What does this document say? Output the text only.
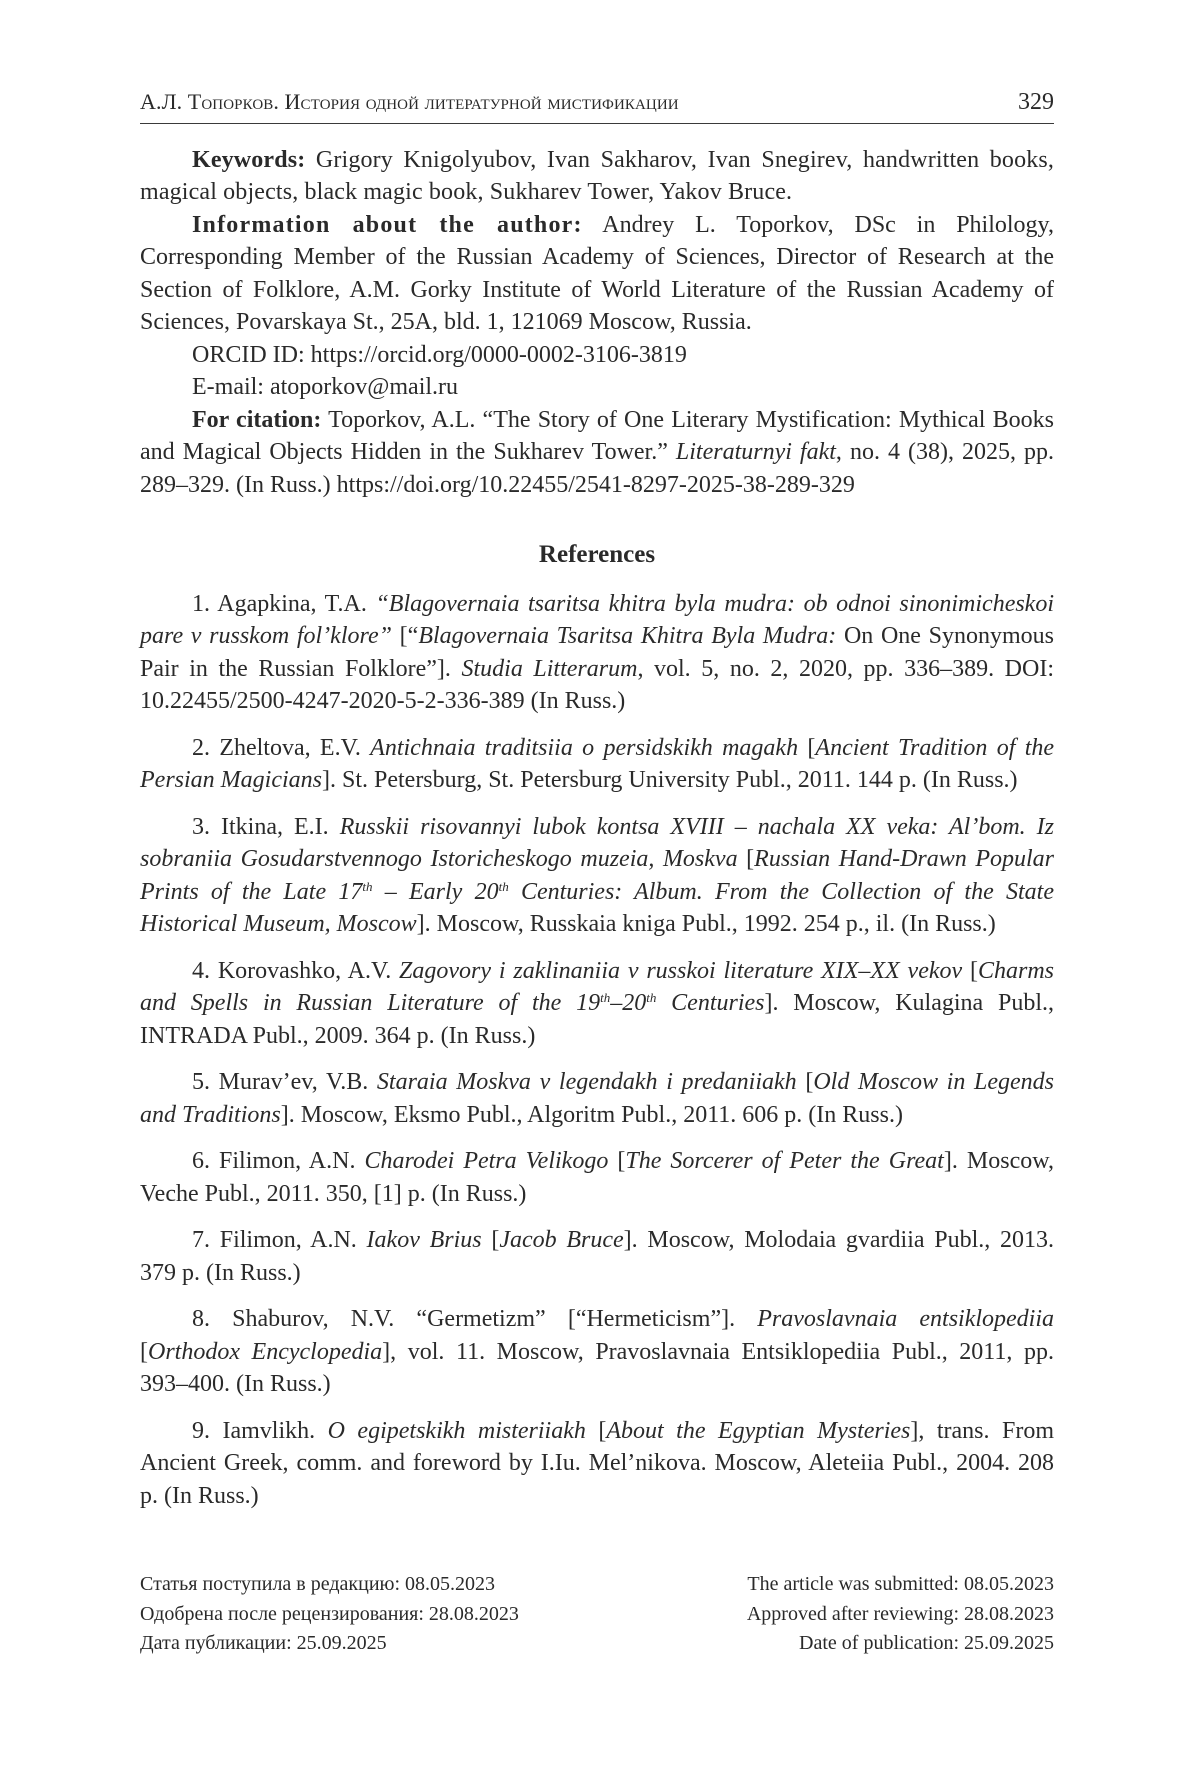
А.Л. Топорков. История одной литературной мистификации	329

Keywords: Grigory Knigolyubov, Ivan Sakharov, Ivan Snegirev, handwritten books, magical objects, black magic book, Sukharev Tower, Yakov Bruce.

Information about the author: Andrey L. Toporkov, DSc in Philology, Corresponding Member of the Russian Academy of Sciences, Director of Research at the Section of Folklore, A.M. Gorky Institute of World Literature of the Russian Academy of Sciences, Povarskaya St., 25A, bld. 1, 121069 Moscow, Russia.

ORCID ID: https://orcid.org/0000-0002-3106-3819

E-mail: atoporkov@mail.ru

For citation: Toporkov, A.L. “The Story of One Literary Mystification: Mythical Books and Magical Objects Hidden in the Sukharev Tower.” Literaturnyi fakt, no. 4 (38), 2025, pp. 289–329. (In Russ.) https://doi.org/10.22455/2541-8297-2025-38-289-329

References

1. Agapkina, T.A. “Blagovernaia tsaritsa khitra byla mudra: ob odnoi sinonimicheskoi pare v russkom fol’klore” [“Blagovernaia Tsaritsa Khitra Byla Mudra: On One Synonymous Pair in the Russian Folklore”]. Studia Litterarum, vol. 5, no. 2, 2020, pp. 336–389. DOI: 10.22455/2500-4247-2020-5-2-336-389 (In Russ.)

2. Zheltova, E.V. Antichnaia traditsiia o persidskikh magakh [Ancient Tradition of the Persian Magicians]. St. Petersburg, St. Petersburg University Publ., 2011. 144 p. (In Russ.)

3. Itkina, E.I. Russkii risovannyi lubok kontsa XVIII – nachala XX veka: Al’bom. Iz sobraniia Gosudarstvennogo Istoricheskogo muzeia, Moskva [Russian Hand-Drawn Popular Prints of the Late 17th – Early 20th Centuries: Album. From the Collection of the State Historical Museum, Moscow]. Moscow, Russkaia kniga Publ., 1992. 254 p., il. (In Russ.)

4. Korovashko, A.V. Zagovory i zaklinaniia v russkoi literature XIX–XX vekov [Charms and Spells in Russian Literature of the 19th–20th Centuries]. Moscow, Kulagina Publ., INTRADA Publ., 2009. 364 p. (In Russ.)

5. Murav’ev, V.B. Staraia Moskva v legendakh i predaniiakh [Old Moscow in Legends and Traditions]. Moscow, Eksmo Publ., Algoritm Publ., 2011. 606 p. (In Russ.)

6. Filimon, A.N. Charodei Petra Velikogo [The Sorcerer of Peter the Great]. Moscow, Veche Publ., 2011. 350, [1] p. (In Russ.)

7. Filimon, A.N. Iakov Brius [Jacob Bruce]. Moscow, Molodaia gvardiia Publ., 2013. 379 p. (In Russ.)

8. Shaburov, N.V. “Germetizm” [“Hermeticism”]. Pravoslavnaia entsiklopediia [Orthodox Encyclopedia], vol. 11. Moscow, Pravoslavnaia Entsiklopediia Publ., 2011, pp. 393–400. (In Russ.)

9. Iamvlikh. O egipetskikh misteriiakh [About the Egyptian Mysteries], trans. From Ancient Greek, comm. and foreword by I.Iu. Mel’nikova. Moscow, Aleteiia Publ., 2004. 208 p. (In Russ.)

Статья поступила в редакцию: 08.05.2023
Одобрена после рецензирования: 28.08.2023
Дата публикации: 25.09.2025
The article was submitted: 08.05.2023
Approved after reviewing: 28.08.2023
Date of publication: 25.09.2025
